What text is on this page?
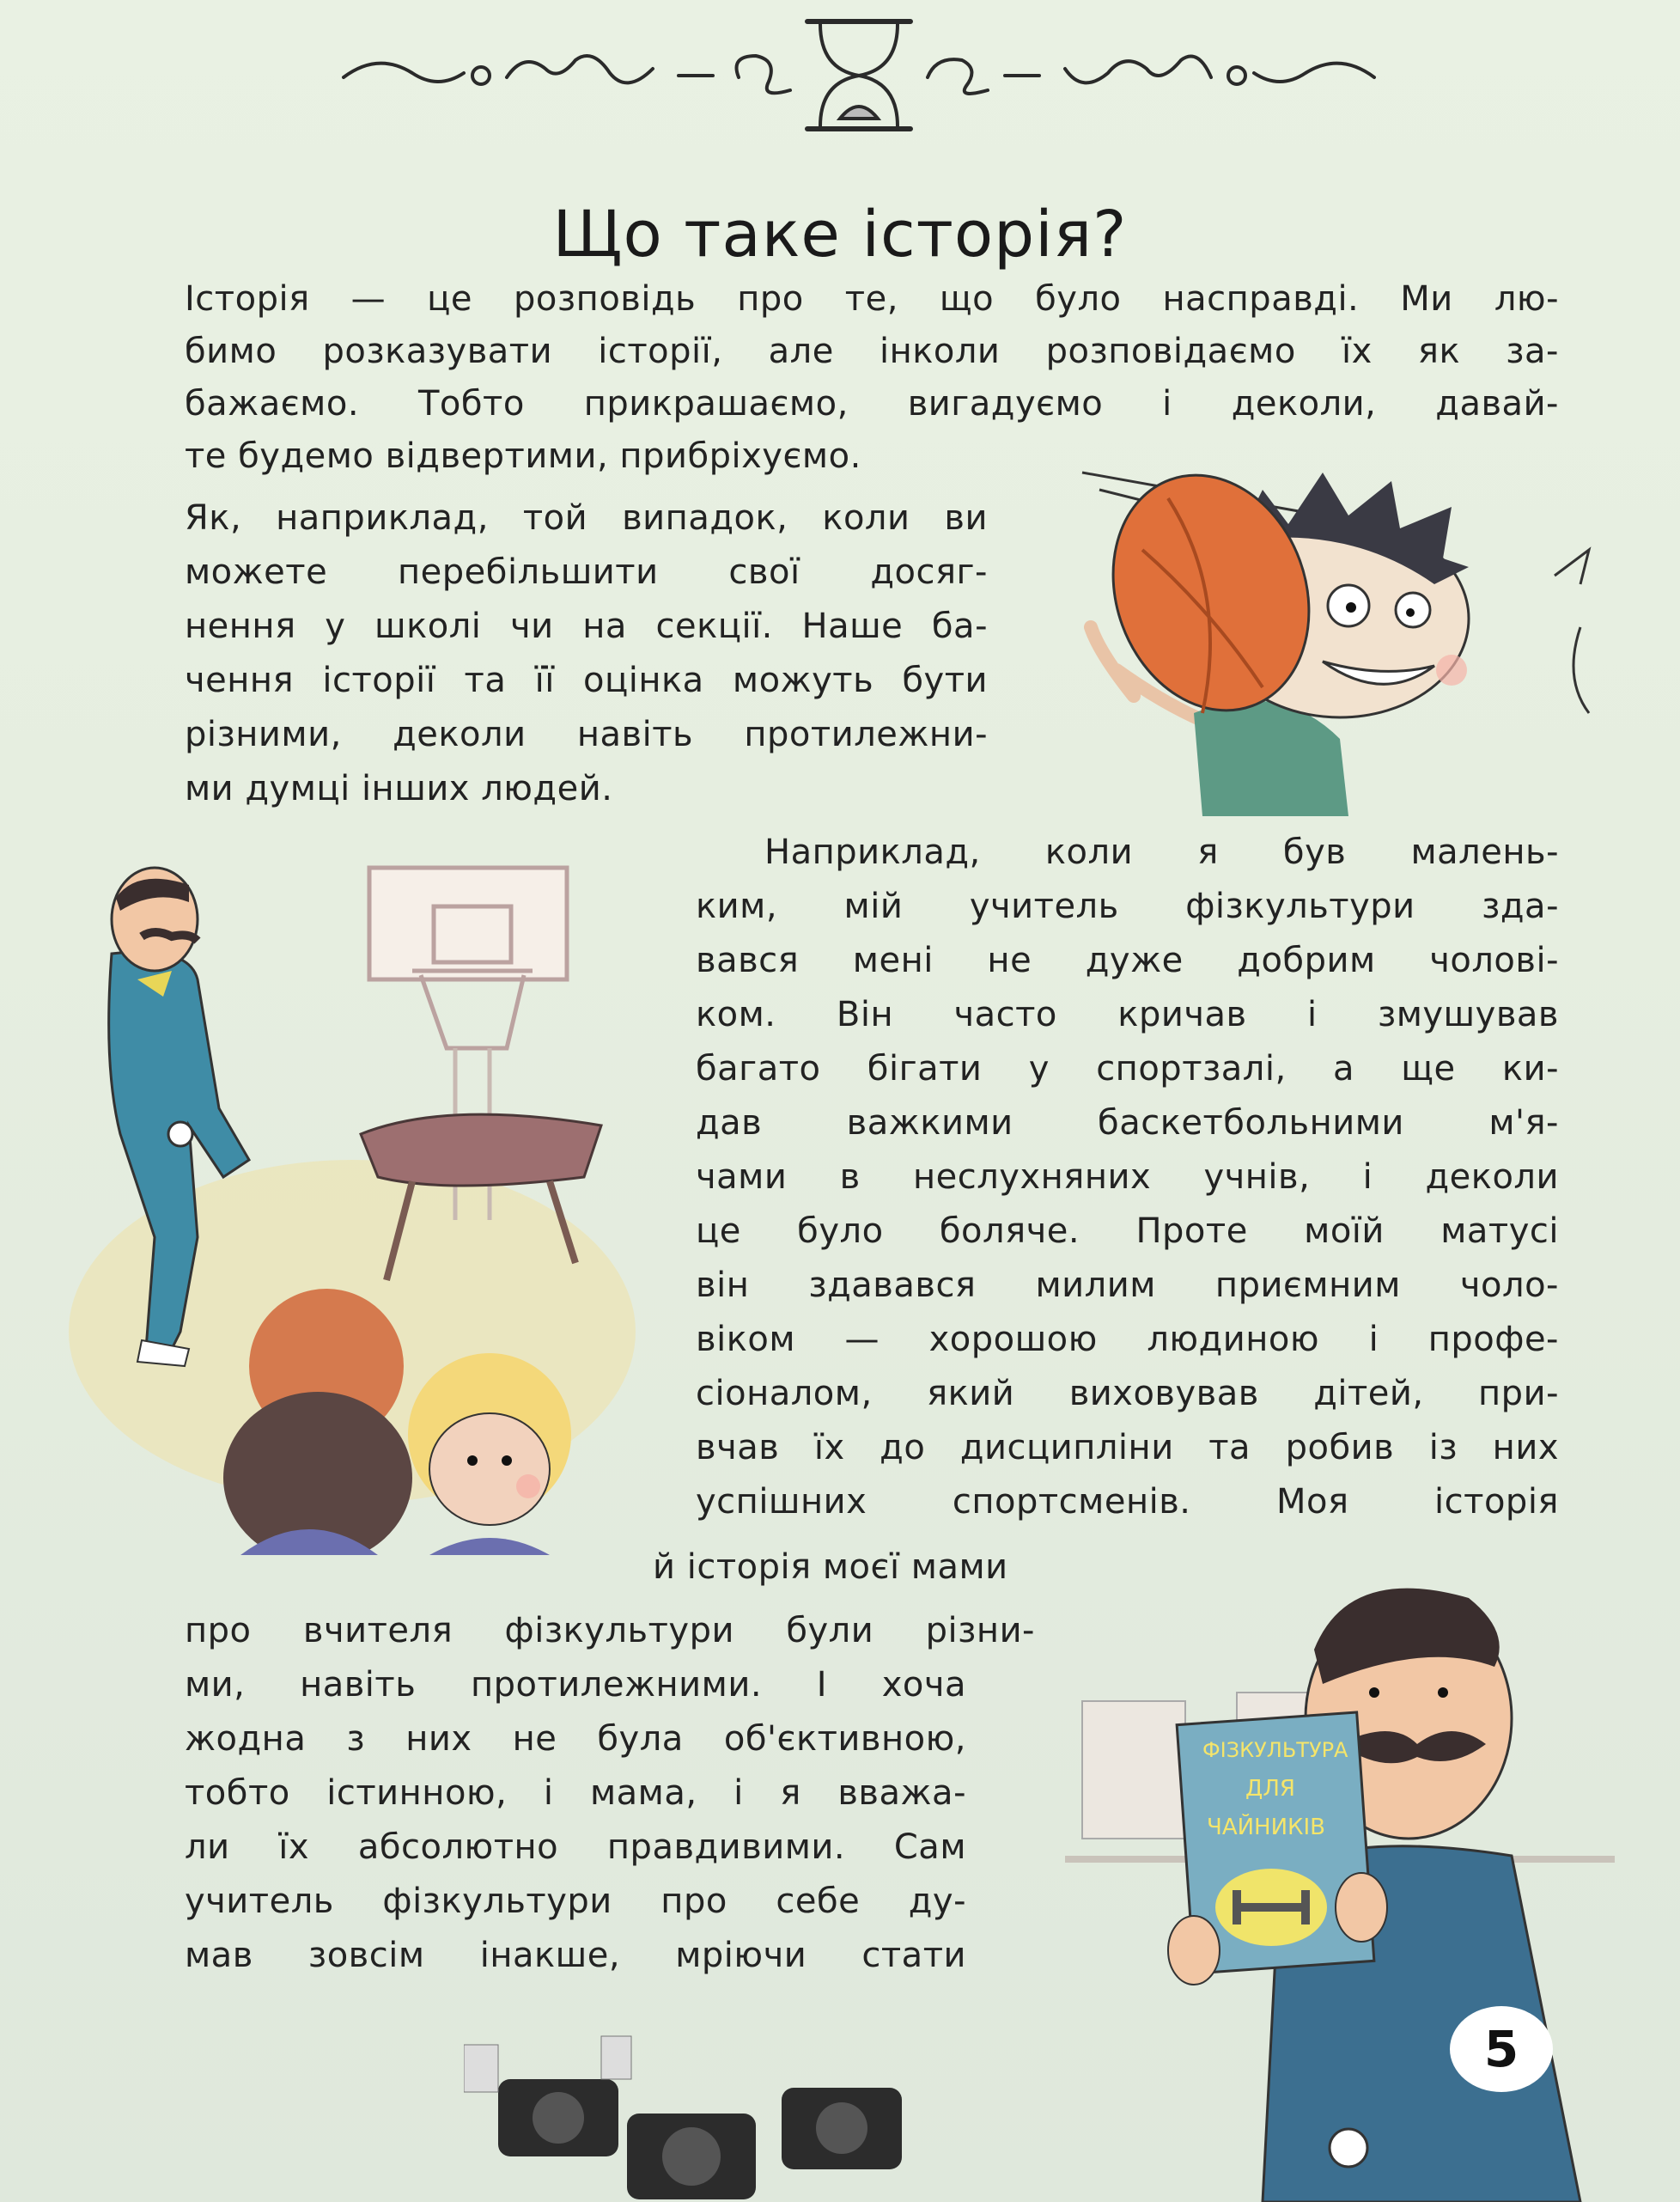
Що таке історія?
Історія — це розповідь про те, що було насправді. Ми лю-
бимо розказувати історії, але інколи розповідаємо їх як за-
бажаємо. Тобто прикрашаємо, вигадуємо і деколи, давай-
те будемо відвертими, прибріхуємо.
Як, наприклад, той випадок, коли ви
можете перебільшити свої досяг-
нення у школі чи на секції. Наше ба-
чення історії та її оцінка можуть бути
різними, деколи навіть протилежни-
ми думці інших людей.
Наприклад, коли я був малень-
ким, мій учитель фізкультури зда-
вався мені не дуже добрим чолові-
ком. Він часто кричав і змушував
багато бігати у спортзалі, а ще ки-
дав важкими баскетбольними м'я-
чами в неслухняних учнів, і деколи
це було боляче. Проте моїй матусі
він здавався милим приємним чоло-
віком — хорошою людиною і профе-
сіоналом, який виховував дітей, при-
вчав їх до дисципліни та робив із них
успішних спортсменів. Моя історія
й історія моєї мами
про вчителя фізкультури були різни-
ми, навіть протилежними. І хоча
жодна з них не була об'єктивною,
тобто істинною, і мама, і я вважа-
ли їх абсолютно правдивими. Сам
учитель фізкультури про себе ду-
мав зовсім інакше, мріючи стати
ФІЗКУЛЬТУРА
ДЛЯ
ЧАЙНИКІВ
5
